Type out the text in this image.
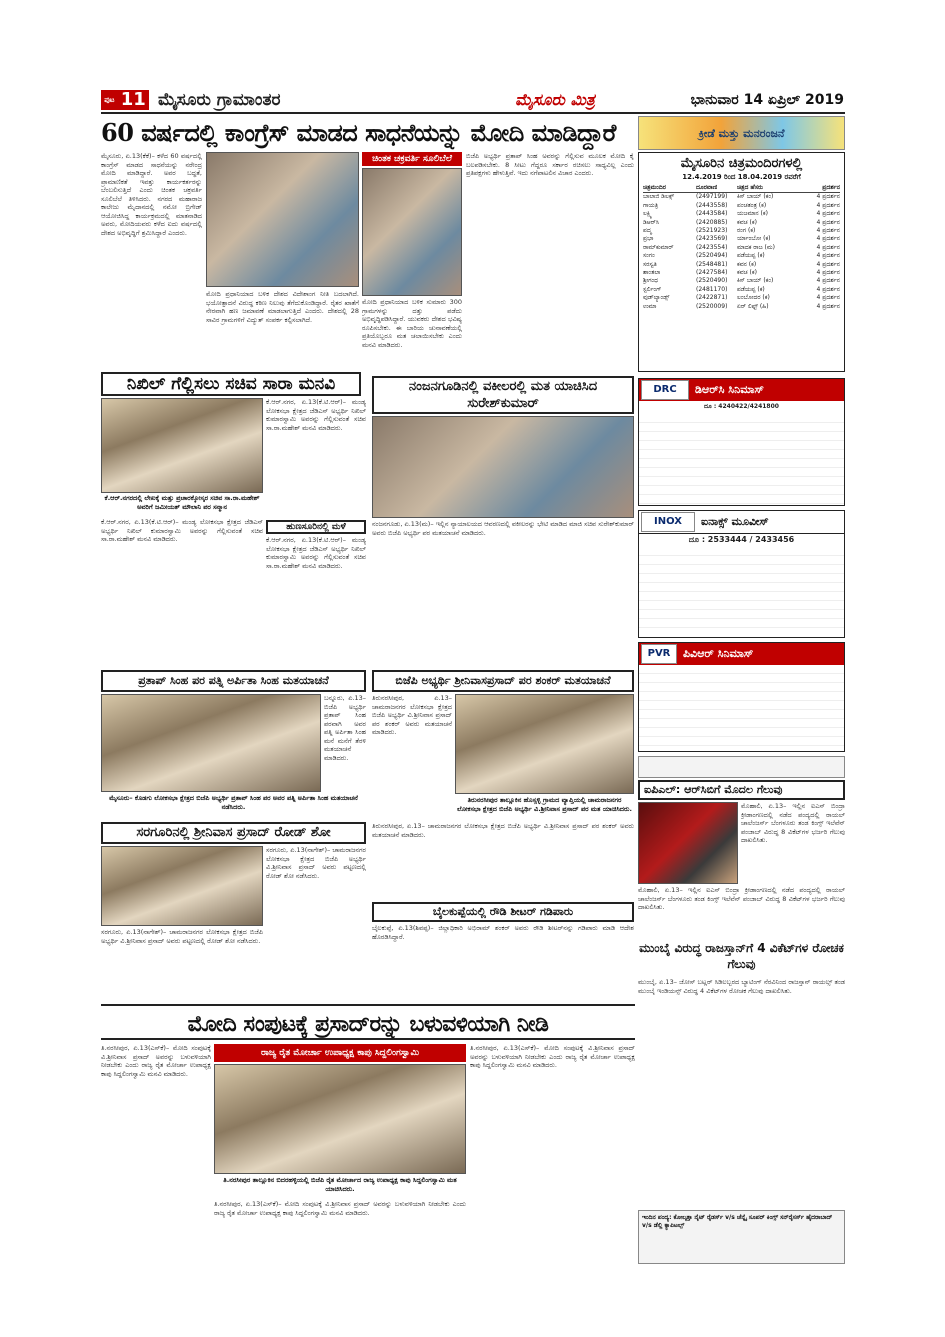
ಪುಟ 11 ಮೈಸೂರು ಗ್ರಾಮಾಂತರ	ಮೈಸೂರು ಮಿತ್ರ	ಭಾನುವಾರ 14 ಏಪ್ರಿಲ್ 2019
60 ವರ್ಷದಲ್ಲಿ ಕಾಂಗ್ರೆಸ್ ಮಾಡದ ಸಾಧನೆಯನ್ನು ಮೋದಿ ಮಾಡಿದ್ದಾರೆ	ಕ್ರೀಡೆ ಮತ್ತು ಮನರಂಜನೆ
ಮೈಸೂರು, ಏ.13(ಕೆಕೆ)– ಕಳೆದ 60 ವರ್ಷದಲ್ಲಿ ಕಾಂಗ್ರೆಸ್ ಮಾಡದ ಸಾಧನೆಯನ್ನು ನರೇಂದ್ರ ಮೋದಿ ಮಾಡಿದ್ದಾರೆ. ಅವರ ಬದ್ಧತೆ, ಪ್ರಾಮಾಣಿಕತೆ ಇವತ್ತು ಕಾರ್ಯಕರ್ತರನ್ನು ಬೆಂಬಲಿಸುತ್ತಿದೆ ಎಂದು ಚಿಂತಕ ಚಕ್ರವರ್ತಿ ಸೂಲಿಬೆಲೆ ತಿಳಿಸಿದರು. ನಗರದ ಮಹಾರಾಜ ಕಾಲೇಜು ಮೈದಾನದಲ್ಲಿ ನಮೋ ಬ್ರಿಗೇಡ್ ಆಯೋಜಿಸಿದ್ದ ಕಾರ್ಯಕ್ರಮದಲ್ಲಿ ಮಾತನಾಡಿದ ಅವರು, ಮೋದಿಯವರು ಕಳೆದ ಐದು ವರ್ಷದಲ್ಲಿ ದೇಶದ ಅಭಿವೃದ್ಧಿಗೆ ಶ್ರಮಿಸಿದ್ದಾರೆ ಎಂದರು.
ಮೋದಿ ಪ್ರಧಾನಿಯಾದ ಬಳಿಕ ದೇಶದ ವಿದೇಶಾಂಗ ನೀತಿ ಬದಲಾಗಿದೆ. ಭಯೋತ್ಪಾದನೆ ವಿರುದ್ಧ ಕಠಿಣ ನಿಲುವು ತೆಗೆದುಕೊಂಡಿದ್ದಾರೆ. ರೈತರ ಖಾತೆಗೆ ನೇರವಾಗಿ ಹಣ ಜಮಾವಣೆ ಮಾಡಲಾಗುತ್ತಿದೆ ಎಂದರು. ದೇಶದಲ್ಲಿ 28 ಸಾವಿರ ಗ್ರಾಮಗಳಿಗೆ ವಿದ್ಯುತ್ ಸಂಪರ್ಕ ಕಲ್ಪಿಸಲಾಗಿದೆ.
ಚಿಂತಕ ಚಕ್ರವರ್ತಿ ಸೂಲಿಬೆಲೆ
ಮೋದಿ ಪ್ರಧಾನಿಯಾದ ಬಳಿಕ ಸುಮಾರು 300 ಗ್ರಾಮಗಳನ್ನು ದತ್ತು ಪಡೆದು ಅಭಿವೃದ್ಧಿಪಡಿಸಿದ್ದಾರೆ. ಯುವಕರು ದೇಶದ ಭವಿಷ್ಯ ರೂಪಿಸಬೇಕು. ಈ ಬಾರಿಯ ಚುನಾವಣೆಯಲ್ಲಿ ಪ್ರತಿಯೊಬ್ಬರೂ ಮತ ಚಲಾಯಿಸಬೇಕು ಎಂದು ಮನವಿ ಮಾಡಿದರು.
ಬಿಜೆಪಿ ಅಭ್ಯರ್ಥಿ ಪ್ರತಾಪ್ ಸಿಂಹ ಅವರನ್ನು ಗೆಲ್ಲಿಸುವ ಮೂಲಕ ಮೋದಿ ಕೈ ಬಲಪಡಿಸಬೇಕು. 8 ಸೀಟು ಗೆದ್ದರೂ ಸರ್ಕಾರ ರಚಿಸಲು ಸಾಧ್ಯವಿಲ್ಲ ಎಂದು ಪ್ರತಿಪಕ್ಷಗಳು ಹೇಳುತ್ತಿವೆ. ಇದು ನಗೆಪಾಟಲಿನ ವಿಚಾರ ಎಂದರು.
ಮೈಸೂರಿನ ಚಿತ್ರಮಂದಿರಗಳಲ್ಲಿ
12.4.2019 ರಿಂದ 18.04.2019 ರವರೆಗೆ
ಚಿತ್ರಮಂದಿರ	ದೂರವಾಣಿ	ಚಿತ್ರದ ಹೆಸರು	ಪ್ರದರ್ಶನ
ಬಾಲಾಜಿ ಡಿಲಕ್ಸ್	(2497199)	ಕಿಸ್ ಬಾಯ್ (ಕಂ)	4 ಪ್ರದರ್ಶನ
ಗಾಯತ್ರಿ	(2443558)	ಪಂಚತಂತ್ರ (ಕ)	4 ಪ್ರದರ್ಶನ
ಲಕ್ಷ್ಮಿ	(2443584)	ಯಜಮಾನ (ಕ)	4 ಪ್ರದರ್ಶನ
ಡಿಆರ್‌ಸಿ	(2420885)	ಕವಚ (ಕ)	4 ಪ್ರದರ್ಶನ
ಪದ್ಮ	(2521923)	ರಂಗ (ಕ)	4 ಪ್ರದರ್ಶನ
ಪ್ರಭಾ	(2423569)	ರ್ಯಾಂಬೋ (ಕ)	4 ಪ್ರದರ್ಶನ
ರಾಮ್‌ಕುಮಾರ್	(2423554)	ಮಾದಕ ರಾಜ (ಮ)	4 ಪ್ರದರ್ಶನ
ಸಂಗಂ	(2520494)	ಪಡೆಯಪ್ಪ (ಕ)	4 ಪ್ರದರ್ಶನ
ಸರಸ್ವತಿ	(2548481)	ಕವನ (ಕ)	4 ಪ್ರದರ್ಶನ
ಶಾಂತಲಾ	(2427584)	ಕವಚ (ಕ)	4 ಪ್ರದರ್ಶನ
ಶ್ರೀಗಂಧ	(2520490)	ಕಿಸ್ ಬಾಯ್ (ಕಂ)	4 ಪ್ರದರ್ಶನ
ಸ್ಟರ್ಲಿಂಗ್	(2481170)	ಪಡೆಯಪ್ಪ (ಕ)	4 ಪ್ರದರ್ಶನ
ವುಡ್‌ಲ್ಯಾಂಡ್ಸ್	(2422871)	ಲಂಬೋದರ (ಕ)	4 ಪ್ರದರ್ಶನ
ಉಮಾ	(2520009)	ಏರ್ ಲಿಫ್ಟ್ (ಹಿ)	4 ಪ್ರದರ್ಶನ
DRC	ಡಿಆರ್‌ಸಿ ಸಿನಿಮಾಸ್
ದೂ : 4240422/4241800
INOX	ಐನಾಕ್ಸ್ ಮೂವೀಸ್
ದೂ : 2533444 / 2433456
PVR	ಪಿವಿಆರ್ ಸಿನಿಮಾಸ್
ನಿಖಿಲ್ ಗೆಲ್ಲಿಸಲು ಸಚಿವ ಸಾರಾ ಮನವಿ
ಕೆ.ಆರ್.ನಗರದಲ್ಲಿ ಲೇಖಕ್ಕೆ ಮತ್ತು ಪ್ರಚಾರಕ್ಕೋಸ್ಕರ ಸಚಿವ ಸಾ.ರಾ.ಮಹೇಶ್ ಅವರಿಗೆ ಜಮೀಯತ್ ಮೌಲಾನಿ ಪರ ಸನ್ಮಾನ
ಕೆ.ಆರ್.ನಗರ, ಏ.13(ಕೆ.ಟಿ.ಆರ್)– ಮಂಡ್ಯ ಲೋಕಸಭಾ ಕ್ಷೇತ್ರದ ಜೆಡಿಎಸ್ ಅಭ್ಯರ್ಥಿ ನಿಖಿಲ್ ಕುಮಾರಸ್ವಾಮಿ ಅವರನ್ನು ಗೆಲ್ಲಿಸುವಂತೆ ಸಚಿವ ಸಾ.ರಾ.ಮಹೇಶ್ ಮನವಿ ಮಾಡಿದರು.
ಕೆ.ಆರ್.ನಗರ, ಏ.13(ಕೆ.ಟಿ.ಆರ್)– ಮಂಡ್ಯ ಲೋಕಸಭಾ ಕ್ಷೇತ್ರದ ಜೆಡಿಎಸ್ ಅಭ್ಯರ್ಥಿ ನಿಖಿಲ್ ಕುಮಾರಸ್ವಾಮಿ ಅವರನ್ನು ಗೆಲ್ಲಿಸುವಂತೆ ಸಚಿವ ಸಾ.ರಾ.ಮಹೇಶ್ ಮನವಿ ಮಾಡಿದರು.
ಹುಣಸೂರಿನಲ್ಲಿ ಮಳೆ
ಕೆ.ಆರ್.ನಗರ, ಏ.13(ಕೆ.ಟಿ.ಆರ್)– ಮಂಡ್ಯ ಲೋಕಸಭಾ ಕ್ಷೇತ್ರದ ಜೆಡಿಎಸ್ ಅಭ್ಯರ್ಥಿ ನಿಖಿಲ್ ಕುಮಾರಸ್ವಾಮಿ ಅವರನ್ನು ಗೆಲ್ಲಿಸುವಂತೆ ಸಚಿವ ಸಾ.ರಾ.ಮಹೇಶ್ ಮನವಿ ಮಾಡಿದರು.
ನಂಜನಗೂಡಿನಲ್ಲಿ ವಕೀಲರಲ್ಲಿ ಮತ ಯಾಚಿಸಿದ ಸುರೇಶ್‌ಕುಮಾರ್
ನಂಜನಗೂಡು, ಏ.13(ಮ)– ಇಲ್ಲಿನ ನ್ಯಾಯಾಲಯದ ಆವರಣದಲ್ಲಿ ವಕೀಲರನ್ನು ಭೇಟಿ ಮಾಡಿದ ಮಾಜಿ ಸಚಿವ ಸುರೇಶ್‌ಕುಮಾರ್ ಅವರು ಬಿಜೆಪಿ ಅಭ್ಯರ್ಥಿ ಪರ ಮತಯಾಚನೆ ಮಾಡಿದರು.
ಪ್ರತಾಪ್ ಸಿಂಹ ಪರ ಪತ್ನಿ ಅರ್ಪಿತಾ ಸಿಂಹ ಮತಯಾಚನೆ
ಬನ್ನೂರು, ಏ.13– ಬಿಜೆಪಿ ಅಭ್ಯರ್ಥಿ ಪ್ರತಾಪ್ ಸಿಂಹ ಪರವಾಗಿ ಅವರ ಪತ್ನಿ ಅರ್ಪಿತಾ ಸಿಂಹ ಮನೆ ಮನೆಗೆ ತೆರಳಿ ಮತಯಾಚನೆ ಮಾಡಿದರು.
ಮೈಸೂರು– ಕೊಡಗು ಲೋಕಸಭಾ ಕ್ಷೇತ್ರದ ಬಿಜೆಪಿ ಅಭ್ಯರ್ಥಿ ಪ್ರತಾಪ್ ಸಿಂಹ ಪರ ಅವರ ಪತ್ನಿ ಅರ್ಪಿತಾ ಸಿಂಹ ಮತಯಾಚನೆ ನಡೆಸಿದರು.
ಬಿಜೆಪಿ ಅಭ್ಯರ್ಥಿ ಶ್ರೀನಿವಾಸಪ್ರಸಾದ್ ಪರ ಶಂಕರ್ ಮತಯಾಚನೆ
ತಿರುನರಸೀಪುರ, ಏ.13– ಚಾಮರಾಜನಗರ ಲೋಕಸಭಾ ಕ್ಷೇತ್ರದ ಬಿಜೆಪಿ ಅಭ್ಯರ್ಥಿ ವಿ.ಶ್ರೀನಿವಾಸ ಪ್ರಸಾದ್ ಪರ ಶಂಕರ್ ಅವರು ಮತಯಾಚನೆ ಮಾಡಿದರು.
ತಿರುನರಸೀಪುರ ತಾಲ್ಲೂಕಿನ ಹೊಸ್ಸಳ್ಳಿ ಗ್ರಾಮದ ವ್ಯಾಪ್ತಿಯಲ್ಲಿ ಚಾಮರಾಜನಗರ ಲೋಕಸಭಾ ಕ್ಷೇತ್ರದ ಬಿಜೆಪಿ ಅಭ್ಯರ್ಥಿ ವಿ.ಶ್ರೀನಿವಾಸ ಪ್ರಸಾದ್ ಪರ ಮತ ಯಾಚಿಸಿದರು.
ಸರಗೂರಿನಲ್ಲಿ ಶ್ರೀನಿವಾಸ ಪ್ರಸಾದ್ ರೋಡ್ ಶೋ
ಸರಗೂರು, ಏ.13(ನಾಗೇಶ್)– ಚಾಮರಾಜನಗರ ಲೋಕಸಭಾ ಕ್ಷೇತ್ರದ ಬಿಜೆಪಿ ಅಭ್ಯರ್ಥಿ ವಿ.ಶ್ರೀನಿವಾಸ ಪ್ರಸಾದ್ ಅವರು ಪಟ್ಟಣದಲ್ಲಿ ರೋಡ್ ಶೋ ನಡೆಸಿದರು.
ಸರಗೂರು, ಏ.13(ನಾಗೇಶ್)– ಚಾಮರಾಜನಗರ ಲೋಕಸಭಾ ಕ್ಷೇತ್ರದ ಬಿಜೆಪಿ ಅಭ್ಯರ್ಥಿ ವಿ.ಶ್ರೀನಿವಾಸ ಪ್ರಸಾದ್ ಅವರು ಪಟ್ಟಣದಲ್ಲಿ ರೋಡ್ ಶೋ ನಡೆಸಿದರು.
ತಿರುನರಸೀಪುರ, ಏ.13– ಚಾಮರಾಜನಗರ ಲೋಕಸಭಾ ಕ್ಷೇತ್ರದ ಬಿಜೆಪಿ ಅಭ್ಯರ್ಥಿ ವಿ.ಶ್ರೀನಿವಾಸ ಪ್ರಸಾದ್ ಪರ ಶಂಕರ್ ಅವರು ಮತಯಾಚನೆ ಮಾಡಿದರು.
ಬೈಲಕುಪ್ಪೆಯಲ್ಲಿ ರೌಡಿ ಶೀಟರ್ ಗಡಿಪಾರು
ಬೈಲಕುಪ್ಪೆ, ಏ.13(ಶಿವಪ್ಪ)– ಜಿಲ್ಲಾಧಿಕಾರಿ ಅಭಿರಾಮ್ ಶಂಕರ್ ಅವರು ರೌಡಿ ಶೀಟರ್‌ನನ್ನು ಗಡಿಪಾರು ಮಾಡಿ ಆದೇಶ ಹೊರಡಿಸಿದ್ದಾರೆ.
ಐಪಿಎಲ್: ಆರ್‌ಸಿಬಿಗೆ ಮೊದಲ ಗೆಲುವು
ಮೊಹಾಲಿ, ಏ.13– ಇಲ್ಲಿನ ಐಎಸ್ ಬಿಂದ್ರಾ ಕ್ರೀಡಾಂಗಣದಲ್ಲಿ ನಡೆದ ಪಂದ್ಯದಲ್ಲಿ ರಾಯಲ್ ಚಾಲೆಂಜರ್ಸ್ ಬೆಂಗಳೂರು ತಂಡ ಕಿಂಗ್ಸ್ ಇಲೆವೆನ್ ಪಂಜಾಬ್ ವಿರುದ್ಧ 8 ವಿಕೆಟ್‌ಗಳ ಭರ್ಜರಿ ಗೆಲುವು ದಾಖಲಿಸಿತು.
ಮೊಹಾಲಿ, ಏ.13– ಇಲ್ಲಿನ ಐಎಸ್ ಬಿಂದ್ರಾ ಕ್ರೀಡಾಂಗಣದಲ್ಲಿ ನಡೆದ ಪಂದ್ಯದಲ್ಲಿ ರಾಯಲ್ ಚಾಲೆಂಜರ್ಸ್ ಬೆಂಗಳೂರು ತಂಡ ಕಿಂಗ್ಸ್ ಇಲೆವೆನ್ ಪಂಜಾಬ್ ವಿರುದ್ಧ 8 ವಿಕೆಟ್‌ಗಳ ಭರ್ಜರಿ ಗೆಲುವು ದಾಖಲಿಸಿತು.
ಮುಂಬೈ ವಿರುದ್ಧ ರಾಜಸ್ತಾನ್‌ಗೆ 4 ವಿಕೆಟ್‌ಗಳ ರೋಚಕ ಗೆಲುವು
ಮುಂಬೈ, ಏ.13– ಜೋಸ್ ಬಟ್ಲರ್ ಸಿಡಿಲಬ್ಬರದ ಬ್ಯಾಟಿಂಗ್ ನೆರವಿನಿಂದ ರಾಜಸ್ತಾನ್ ರಾಯಲ್ಸ್ ತಂಡ ಮುಂಬೈ ಇಂಡಿಯನ್ಸ್ ವಿರುದ್ಧ 4 ವಿಕೆಟ್‌ಗಳ ರೋಚಕ ಗೆಲುವು ದಾಖಲಿಸಿತು.
ಮೋದಿ ಸಂಪುಟಕ್ಕೆ ಪ್ರಸಾದ್‌ರನ್ನು ಬಳುವಳಿಯಾಗಿ ನೀಡಿ
ತಿ.ನರಸೀಪುರ, ಏ.13(ಎಸ್‌ಕೆ)– ಮೋದಿ ಸಂಪುಟಕ್ಕೆ ವಿ.ಶ್ರೀನಿವಾಸ ಪ್ರಸಾದ್ ಅವರನ್ನು ಬಳುವಳಿಯಾಗಿ ನೀಡಬೇಕು ಎಂದು ರಾಜ್ಯ ರೈತ ಮೋರ್ಚಾ ಉಪಾಧ್ಯಕ್ಷ ಕಾಪು ಸಿದ್ದಲಿಂಗಸ್ವಾಮಿ ಮನವಿ ಮಾಡಿದರು.
ರಾಜ್ಯ ರೈತ ಮೋರ್ಚಾ ಉಪಾಧ್ಯಕ್ಷ ಕಾಪು ಸಿದ್ದಲಿಂಗಸ್ವಾಮಿ
ತಿ.ನರಸೀಪುರ ತಾಲ್ಲೂಕಿನ ಬಿದರಹಳ್ಳಿಯಲ್ಲಿ ಬಿಜೆಪಿ ರೈತ ಮೋರ್ಚಾದ ರಾಜ್ಯ ಉಪಾಧ್ಯಕ್ಷ ಕಾಪು ಸಿದ್ದಲಿಂಗಸ್ವಾಮಿ ಮತ ಯಾಚಿಸಿದರು.
ತಿ.ನರಸೀಪುರ, ಏ.13(ಎಸ್‌ಕೆ)– ಮೋದಿ ಸಂಪುಟಕ್ಕೆ ವಿ.ಶ್ರೀನಿವಾಸ ಪ್ರಸಾದ್ ಅವರನ್ನು ಬಳುವಳಿಯಾಗಿ ನೀಡಬೇಕು ಎಂದು ರಾಜ್ಯ ರೈತ ಮೋರ್ಚಾ ಉಪಾಧ್ಯಕ್ಷ ಕಾಪು ಸಿದ್ದಲಿಂಗಸ್ವಾಮಿ ಮನವಿ ಮಾಡಿದರು.
ತಿ.ನರಸೀಪುರ, ಏ.13(ಎಸ್‌ಕೆ)– ಮೋದಿ ಸಂಪುಟಕ್ಕೆ ವಿ.ಶ್ರೀನಿವಾಸ ಪ್ರಸಾದ್ ಅವರನ್ನು ಬಳುವಳಿಯಾಗಿ ನೀಡಬೇಕು ಎಂದು ರಾಜ್ಯ ರೈತ ಮೋರ್ಚಾ ಉಪಾಧ್ಯಕ್ಷ ಕಾಪು ಸಿದ್ದಲಿಂಗಸ್ವಾಮಿ ಮನವಿ ಮಾಡಿದರು.
ಇಂದಿನ ಪಂದ್ಯ: ಕೋಲ್ಕತ್ತಾ ನೈಟ್ ರೈಡರ್ಸ್ v/s ಚೆನ್ನೈ ಸೂಪರ್ ಕಿಂಗ್ಸ್ ಸನ್‌ರೈಸರ್ಸ್ ಹೈದರಾಬಾದ್ v/s ಡೆಲ್ಲಿ ಕ್ಯಾಪಿಟಲ್ಸ್
